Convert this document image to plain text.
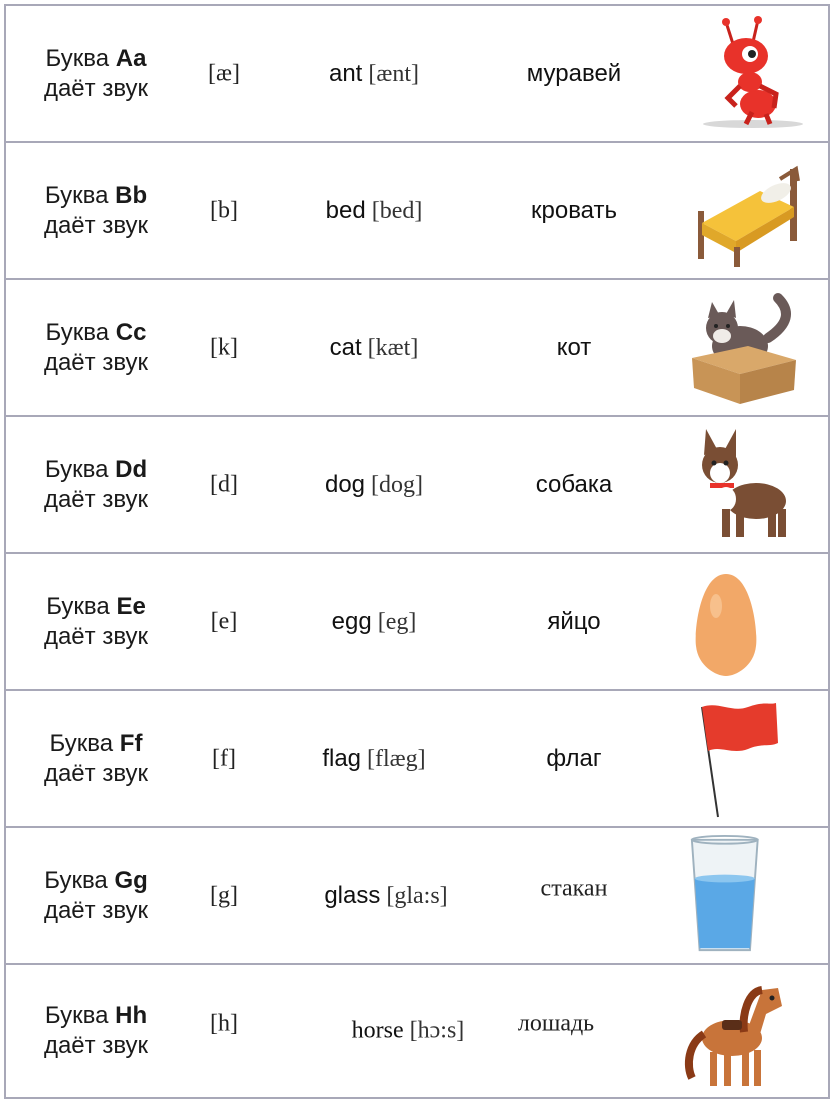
Буква Aa
даёт звук
[æ]	ant [ænt]	муравей
Буква Bb
даёт звук
[b]	bed [bed]	кровать
Буква Cc
даёт звук
[k]	cat [kæt]	кот
Буква Dd
даёт звук
[d]	dog [dog]	собака
Буква Ee
даёт звук
[e]	egg [eg]	яйцо
Буква Ff
даёт звук
[f]	flag [flæg]	флаг
Буква Gg
даёт звук
[g]	glass [gla:s]	стакан
Буква Hh
даёт звук
[h]	horse [hɔ:s]	лошадь
